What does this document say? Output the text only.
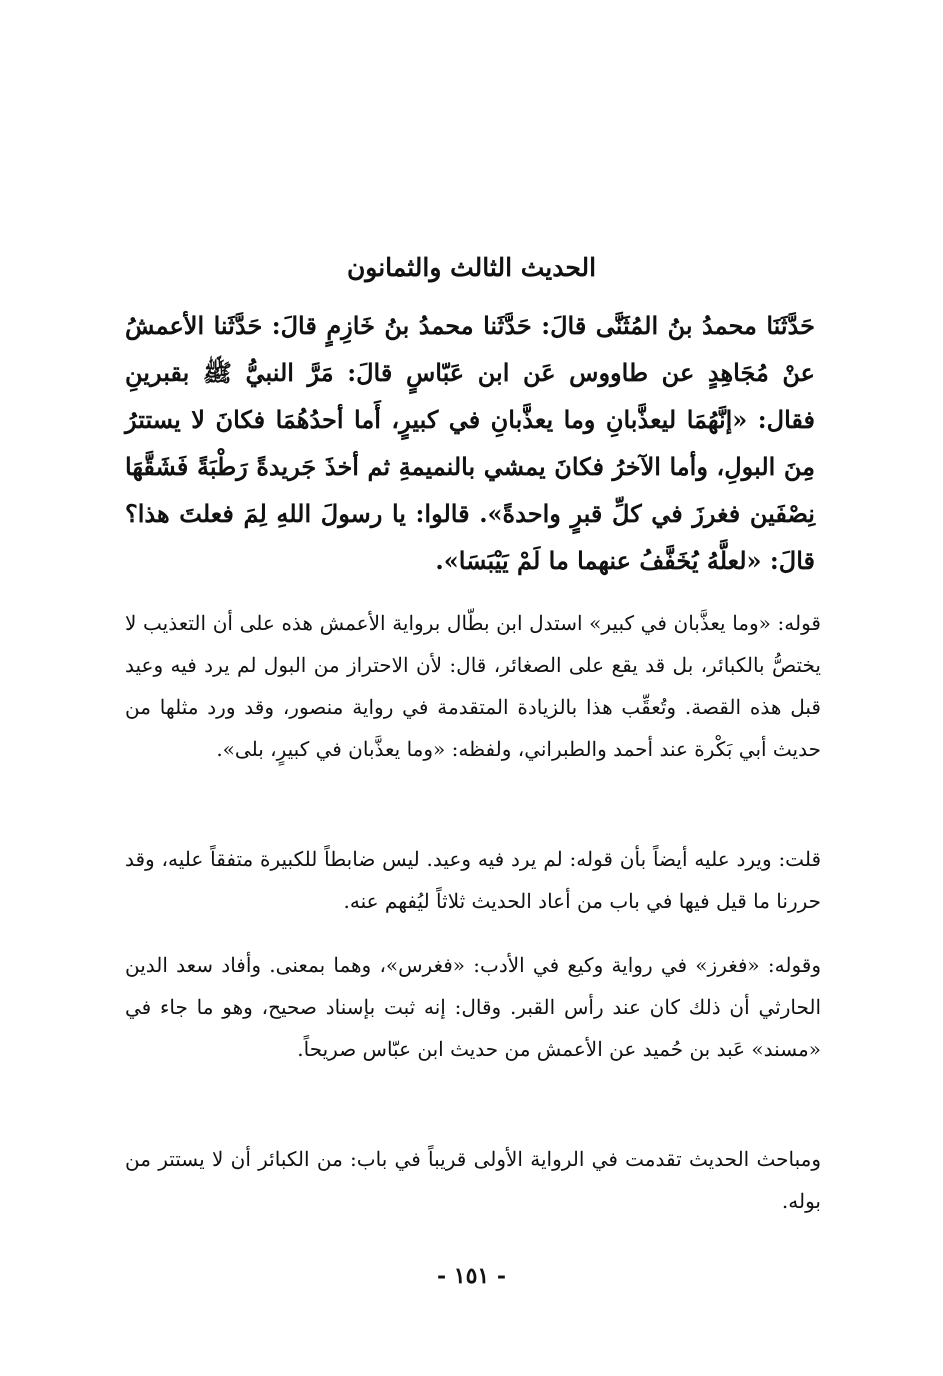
الحديث الثالث والثمانون

حَدَّثَنَا محمدُ بنُ المُثَنَّى قالَ: حَدَّثَنا محمدُ بنُ خَازِمٍ قالَ: حَدَّثَنا الأعمشُ عنْ مُجَاهِدٍ عن طاووس عَن ابن عَبّاسٍ قالَ: مَرَّ النبيُّ ﷺ بقبرينِ فقال: «إنَّهُمَا ليعذَّبانِ وما يعذَّبانِ في كبيرٍ، أَما أحدُهُمَا فكانَ لا يستترُ مِنَ البولِ، وأما الآخرُ فكانَ يمشي بالنميمةِ ثم أخذَ جَريدةً رَطْبَةً فَشَقَّهَا نِصْفَين فغرزَ في كلِّ قبرٍ واحدةً». قالوا: يا رسولَ اللهِ لِمَ فعلتَ هذا؟ قالَ: «لعلَّهُ يُخَفَّفُ عنهما ما لَمْ يَيْبَسَا».

قوله: «وما يعذَّبان في كبير» استدل ابن بطّال برواية الأعمش هذه على أن التعذيب لا يختصُّ بالكبائر، بل قد يقع على الصغائر، قال: لأن الاحتراز من البول لم يرد فيه وعيد قبل هذه القصة. وتُعقِّب هذا بالزيادة المتقدمة في رواية منصور، وقد ورد مثلها من حديث أبي بَكْرة عند أحمد والطبراني، ولفظه: «وما يعذَّبان في كبيرٍ، بلى».

قلت: ويرد عليه أيضاً بأن قوله: لم يرد فيه وعيد. ليس ضابطاً للكبيرة متفقاً عليه، وقد حررنا ما قيل فيها في باب من أعاد الحديث ثلاثاً ليُفهم عنه.

وقوله: «فغرز» في رواية وكيع في الأدب: «فغرس»، وهما بمعنى. وأفاد سعد الدين الحارثي أن ذلك كان عند رأس القبر. وقال: إنه ثبت بإسناد صحيح، وهو ما جاء في «مسند» عَبد بن حُميد عن الأعمش من حديث ابن عبّاس صريحاً.

ومباحث الحديث تقدمت في الرواية الأولى قريباً في باب: من الكبائر أن لا يستتر من بوله.

- ١٥١ -
